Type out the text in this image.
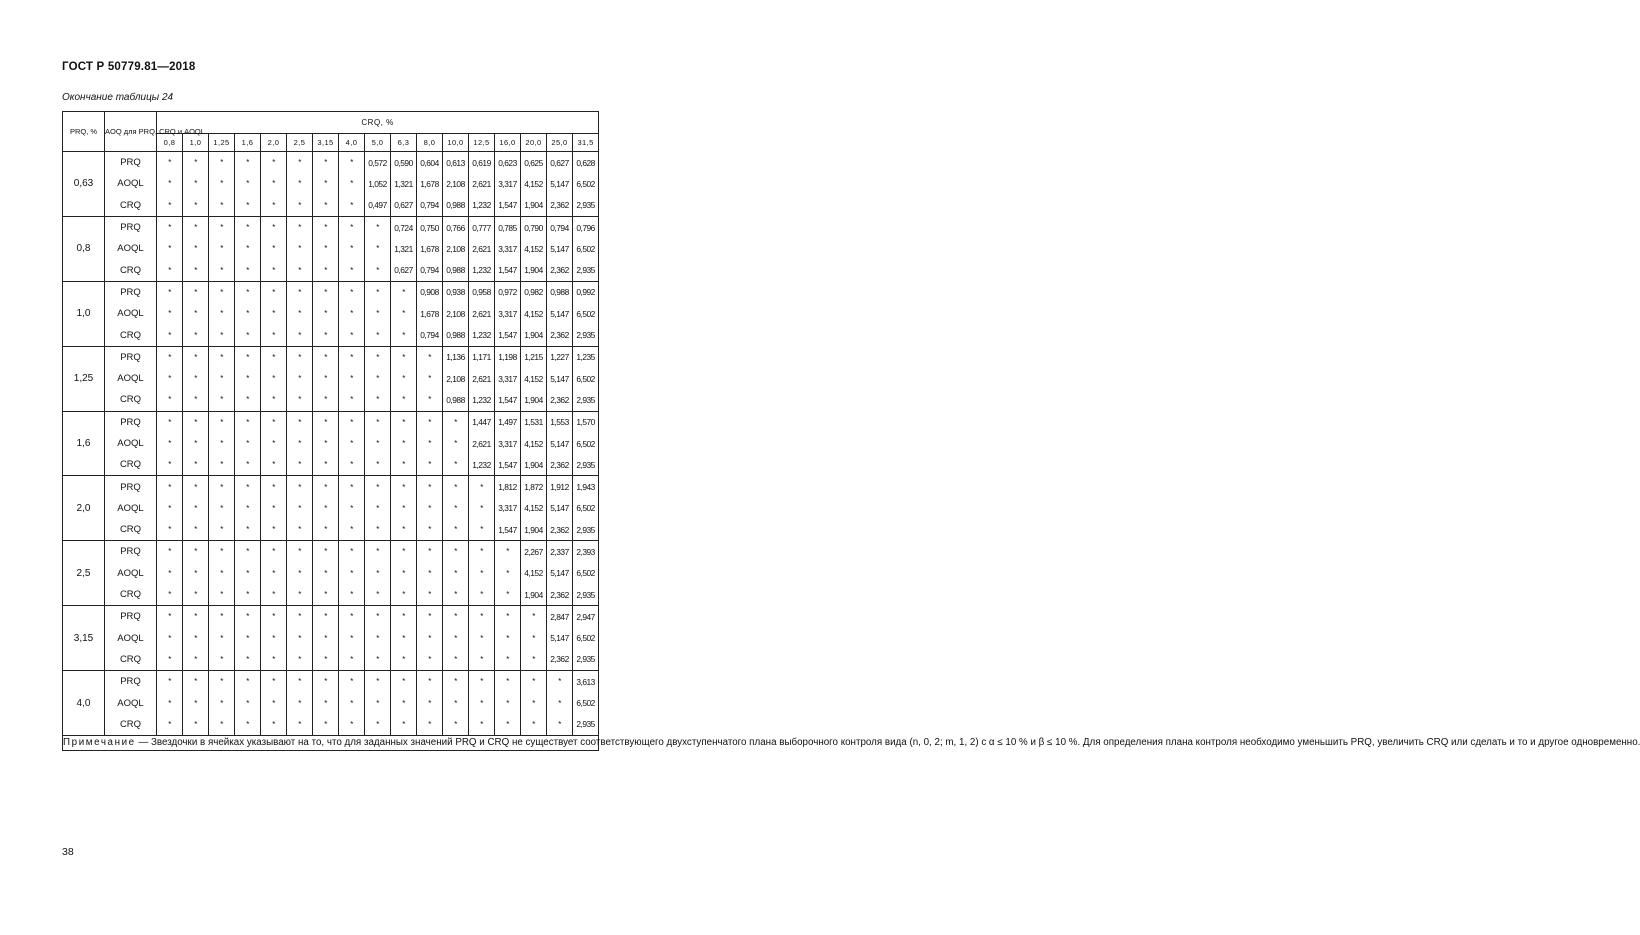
ГОСТ Р 50779.81—2018
Окончание таблицы 24
PRQ, %	AOQ для PRQ, CRQ и AOQL	CRQ, %																
		0,8	1,0	1,25	1,6	2,0	2,5	3,15	4,0	5,0	6,3	8,0	10,0	12,5	16,0	20,0	25,0	31,5
0,63	PRQ	*	*	*	*	*	*	*	*	0,572	0,590	0,604	0,613	0,619	0,623	0,625	0,627	0,628
	AOQL	*	*	*	*	*	*	*	*	1,052	1,321	1,678	2,108	2,621	3,317	4,152	5,147	6,502
	CRQ	*	*	*	*	*	*	*	*	0,497	0,627	0,794	0,988	1,232	1,547	1,904	2,362	2,935
0,8	PRQ	*	*	*	*	*	*	*	*	*	0,724	0,750	0,766	0,777	0,785	0,790	0,794	0,796
	AOQL	*	*	*	*	*	*	*	*	*	1,321	1,678	2,108	2,621	3,317	4,152	5,147	6,502
	CRQ	*	*	*	*	*	*	*	*	*	0,627	0,794	0,988	1,232	1,547	1,904	2,362	2,935
1,0	PRQ	*	*	*	*	*	*	*	*	*	*	0,908	0,938	0,958	0,972	0,982	0,988	0,992
	AOQL	*	*	*	*	*	*	*	*	*	*	1,678	2,108	2,621	3,317	4,152	5,147	6,502
	CRQ	*	*	*	*	*	*	*	*	*	*	0,794	0,988	1,232	1,547	1,904	2,362	2,935
1,25	PRQ	*	*	*	*	*	*	*	*	*	*	*	1,136	1,171	1,198	1,215	1,227	1,235
	AOQL	*	*	*	*	*	*	*	*	*	*	*	2,108	2,621	3,317	4,152	5,147	6,502
	CRQ	*	*	*	*	*	*	*	*	*	*	*	0,988	1,232	1,547	1,904	2,362	2,935
1,6	PRQ	*	*	*	*	*	*	*	*	*	*	*	*	1,447	1,497	1,531	1,553	1,570
	AOQL	*	*	*	*	*	*	*	*	*	*	*	*	2,621	3,317	4,152	5,147	6,502
	CRQ	*	*	*	*	*	*	*	*	*	*	*	*	1,232	1,547	1,904	2,362	2,935
2,0	PRQ	*	*	*	*	*	*	*	*	*	*	*	*	*	1,812	1,872	1,912	1,943
	AOQL	*	*	*	*	*	*	*	*	*	*	*	*	*	3,317	4,152	5,147	6,502
	CRQ	*	*	*	*	*	*	*	*	*	*	*	*	*	1,547	1,904	2,362	2,935
2,5	PRQ	*	*	*	*	*	*	*	*	*	*	*	*	*	*	2,267	2,337	2,393
	AOQL	*	*	*	*	*	*	*	*	*	*	*	*	*	*	4,152	5,147	6,502
	CRQ	*	*	*	*	*	*	*	*	*	*	*	*	*	*	1,904	2,362	2,935
3,15	PRQ	*	*	*	*	*	*	*	*	*	*	*	*	*	*	*	2,847	2,947
	AOQL	*	*	*	*	*	*	*	*	*	*	*	*	*	*	*	5,147	6,502
	CRQ	*	*	*	*	*	*	*	*	*	*	*	*	*	*	*	2,362	2,935
4,0	PRQ	*	*	*	*	*	*	*	*	*	*	*	*	*	*	*	*	3,613
	AOQL	*	*	*	*	*	*	*	*	*	*	*	*	*	*	*	*	6,502
	CRQ	*	*	*	*	*	*	*	*	*	*	*	*	*	*	*	*	2,935
Примечание — Звездочки в ячейках указывают на то, что для заданных значений PRQ и CRQ не существует соответствующего двухступенчатого плана выборочного контроля вида (n, 0, 2; m, 1, 2) с α ≤ 10 % и β ≤ 10 %. Для определения плана контроля необходимо уменьшить PRQ, увеличить CRQ или сделать и то и другое одновременно.																		
38
